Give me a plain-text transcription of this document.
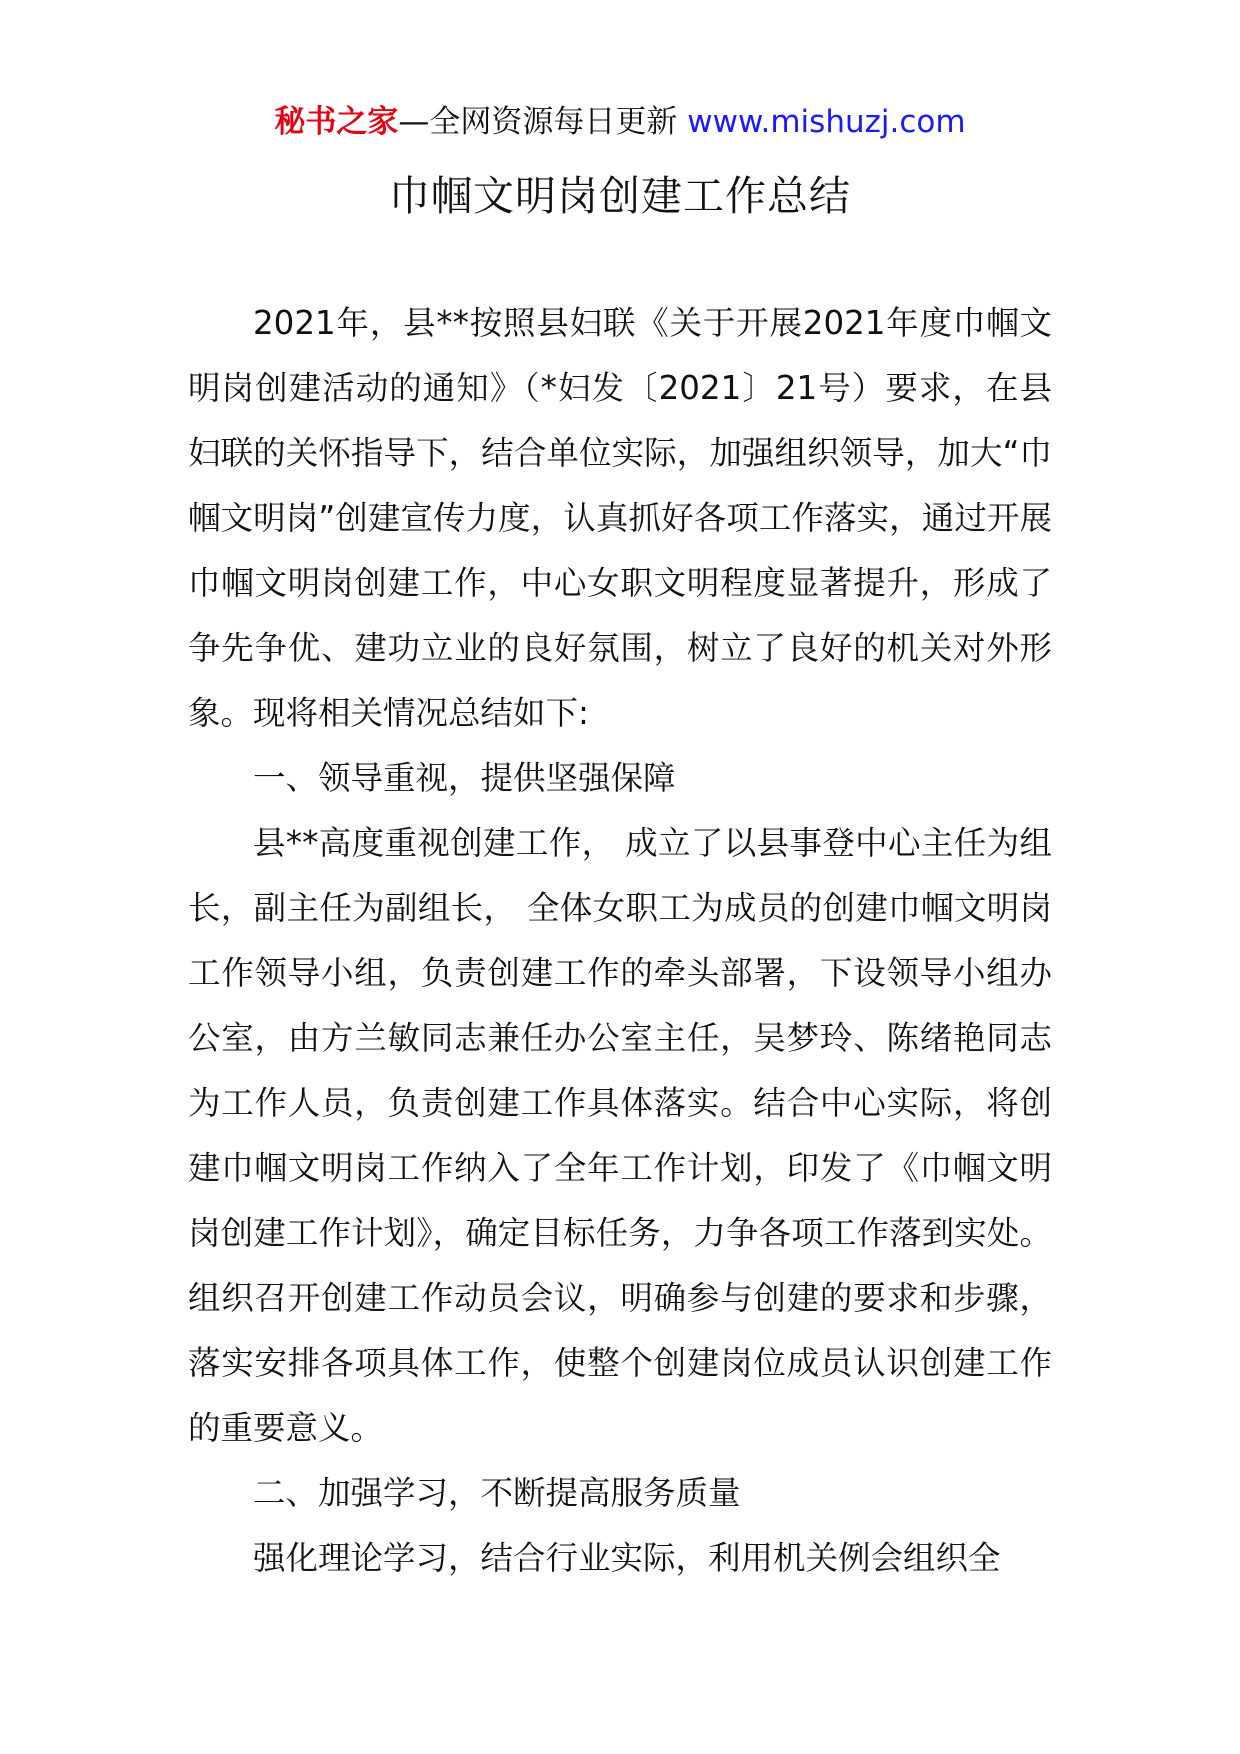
秘书之家—全网资源每日更新 www.mishuzj.com
巾帼文明岗创建工作总结

2021年，县**按照县妇联《关于开展2021年度巾帼文明岗创建活动的通知》（*妇发〔2021〕21号）要求，在县妇联的关怀指导下，结合单位实际，加强组织领导，加大“巾帼文明岗”创建宣传力度，认真抓好各项工作落实，通过开展巾帼文明岗创建工作，中心女职文明程度显著提升，形成了争先争优、建功立业的良好氛围，树立了良好的机关对外形象。现将相关情况总结如下:

一、领导重视，提供坚强保障

县**高度重视创建工作， 成立了以县事登中心主任为组长，副主任为副组长， 全体女职工为成员的创建巾帼文明岗工作领导小组，负责创建工作的牵头部署，下设领导小组办公室，由方兰敏同志兼任办公室主任，吴梦玲、陈绪艳同志为工作人员，负责创建工作具体落实。结合中心实际，将创建巾帼文明岗工作纳入了全年工作计划，印发了《巾帼文明岗创建工作计划》，确定目标任务，力争各项工作落到实处。组织召开创建工作动员会议，明确参与创建的要求和步骤，落实安排各项具体工作，使整个创建岗位成员认识创建工作的重要意义。

二、加强学习，不断提高服务质量

强化理论学习，结合行业实际，利用机关例会组织全
